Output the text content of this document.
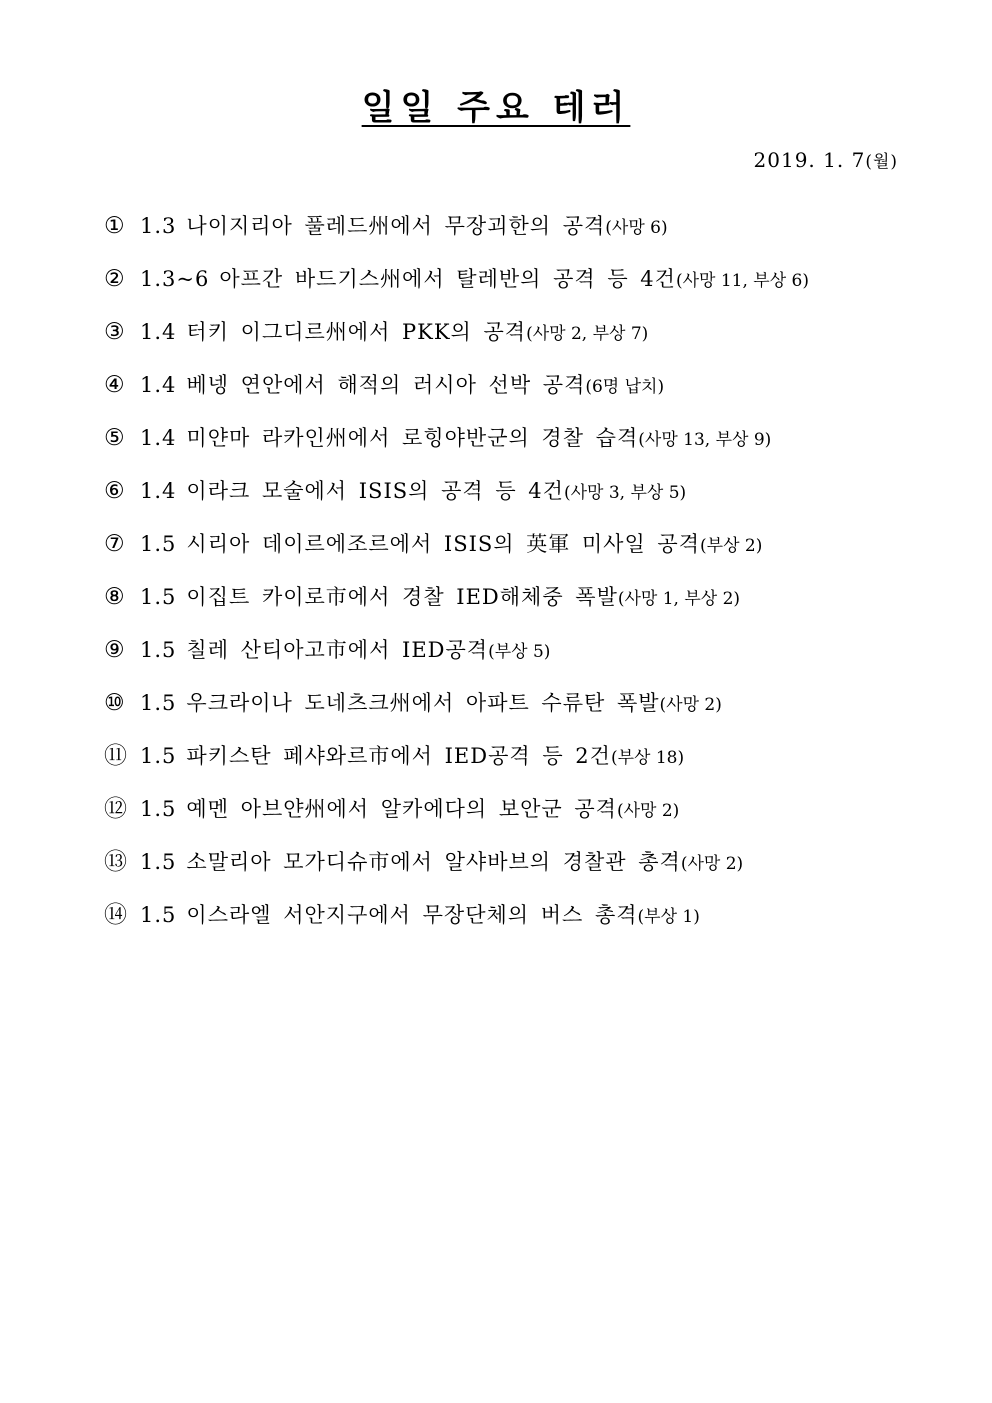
일일 주요 테러
2019. 1. 7(월)
① 1.3 나이지리아 풀레드州에서 무장괴한의 공격(사망 6)
② 1.3~6 아프간 바드기스州에서 탈레반의 공격 등 4건(사망 11, 부상 6)
③ 1.4 터키 이그디르州에서 PKK의 공격(사망 2, 부상 7)
④ 1.4 베넹 연안에서 해적의 러시아 선박 공격(6명 납치)
⑤ 1.4 미얀마 라카인州에서 로힝야반군의 경찰 습격(사망 13, 부상 9)
⑥ 1.4 이라크 모술에서 ISIS의 공격 등 4건(사망 3, 부상 5)
⑦ 1.5 시리아 데이르에조르에서 ISIS의 英軍 미사일 공격(부상 2)
⑧ 1.5 이집트 카이로市에서 경찰 IED해체중 폭발(사망 1, 부상 2)
⑨ 1.5 칠레 산티아고市에서 IED공격(부상 5)
⑩ 1.5 우크라이나 도네츠크州에서 아파트 수류탄 폭발(사망 2)
⑪ 1.5 파키스탄 페샤와르市에서 IED공격 등 2건(부상 18)
⑫ 1.5 예멘 아브얀州에서 알카에다의 보안군 공격(사망 2)
⑬ 1.5 소말리아 모가디슈市에서 알샤바브의 경찰관 총격(사망 2)
⑭ 1.5 이스라엘 서안지구에서 무장단체의 버스 총격(부상 1)
